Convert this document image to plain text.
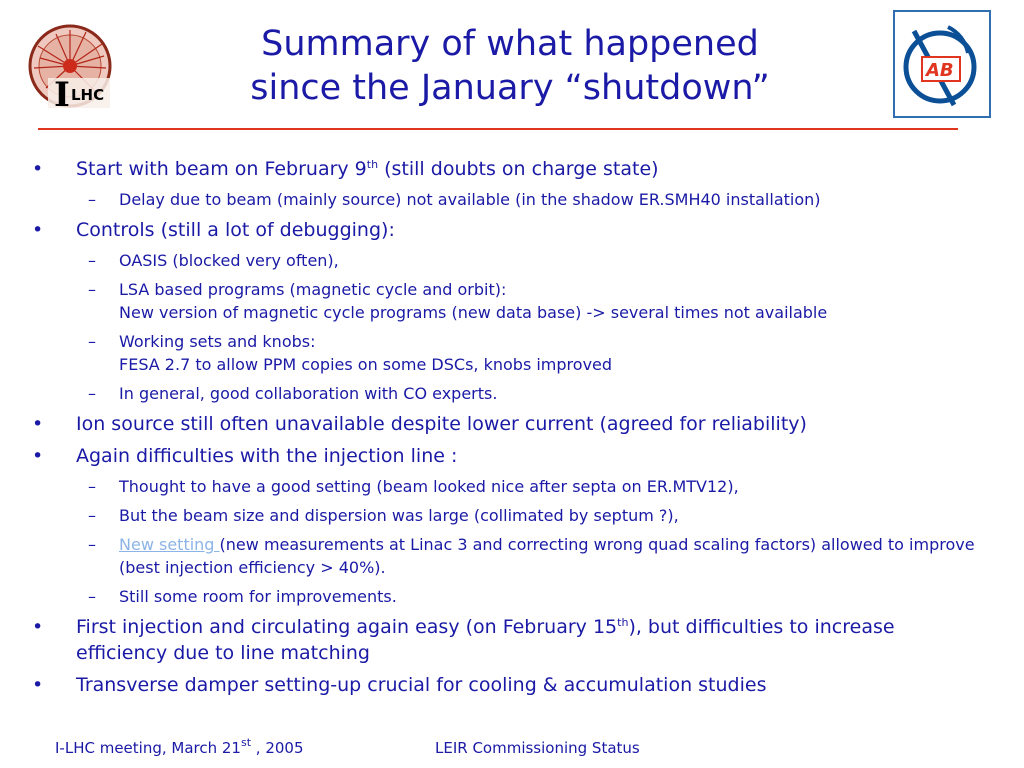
I LHC
Summary of what happened
since the January “shutdown”	AB
• Start with beam on February 9th (still doubts on charge state)
– Delay due to beam (mainly source) not available (in the shadow ER.SMH40 installation)
• Controls (still a lot of debugging):
– OASIS (blocked very often),
– LSA based programs (magnetic cycle and orbit):
New version of magnetic cycle programs (new data base) -> several times not available
– Working sets and knobs:
FESA 2.7 to allow PPM copies on some DSCs, knobs improved
– In general, good collaboration with CO experts.
• Ion source still often unavailable despite lower current (agreed for reliability)
• Again difficulties with the injection line :
– Thought to have a good setting (beam looked nice after septa on ER.MTV12),
– But the beam size and dispersion was large (collimated by septum ?),
– New setting (new measurements at Linac 3 and correcting wrong quad scaling factors) allowed to improve (best injection efficiency > 40%).
– Still some room for improvements.
• First injection and circulating again easy (on February 15th), but difficulties to increase efficiency due to line matching
• Transverse damper setting-up crucial for cooling & accumulation studies
I-LHC meeting, March 21st , 2005	LEIR Commissioning Status
